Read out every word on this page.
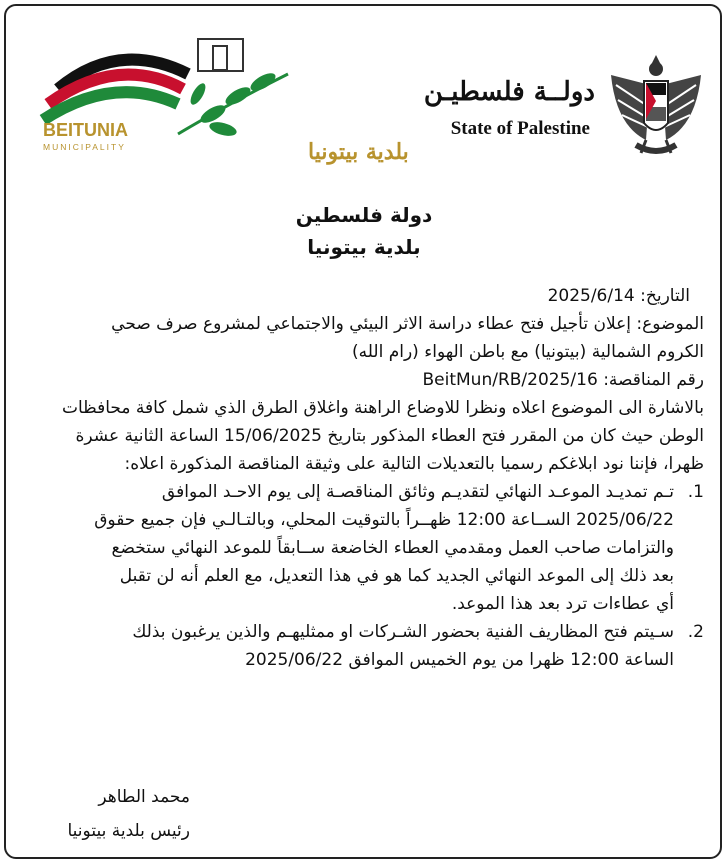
BEITUNIA
MUNICIPALITY	بلدية بيتونيا
دولــة فلسطيـن
State of Palestine
دولة فلسطين
بلدية بيتونيا
التاريخ: 2025/6/14
الموضوع: إعلان تأجيل فتح عطاء دراسة الاثر البيئي والاجتماعي لمشروع صرف صحي
الكروم الشمالية (بيتونيا) مع باطن الهواء (رام الله)
رقم المناقصة: BeitMun/RB/2025/16
بالاشارة الى الموضوع اعلاه ونظرا للاوضاع الراهنة واغلاق الطرق الذي شمل كافة محافظات
الوطن حيث كان من المقرر فتح العطاء المذكور بتاريخ 15/06/2025 الساعة الثانية عشرة
ظهرا، فإننا نود ابلاغكم رسميا بالتعديلات التالية على وثيقة المناقصة المذكورة اعلاه:
1.
تـم تمديـد الموعـد النهائي لتقديـم وثائق المناقصـة إلى يوم الاحـد الموافق
2025/06/22 الســاعة 12:00 ظهــراً بالتوقيت المحلي، وبالتـالـي فإن جميع حقوق
والتزامات صاحب العمل ومقدمي العطاء الخاضعة ســابقاً للموعد النهائي ستخضع
بعد ذلك إلى الموعد النهائي الجديد كما هو في هذا التعديل، مع العلم أنه لن تقبل
أي عطاءات ترد بعد هذا الموعد.
2.
سـيتم فتح المظاريف الفنية بحضور الشـركات او ممثليهـم والذين يرغبون بذلك
الساعة 12:00 ظهرا من يوم الخميس الموافق 2025/06/22
محمد الطاهر
رئيس بلدية بيتونيا
